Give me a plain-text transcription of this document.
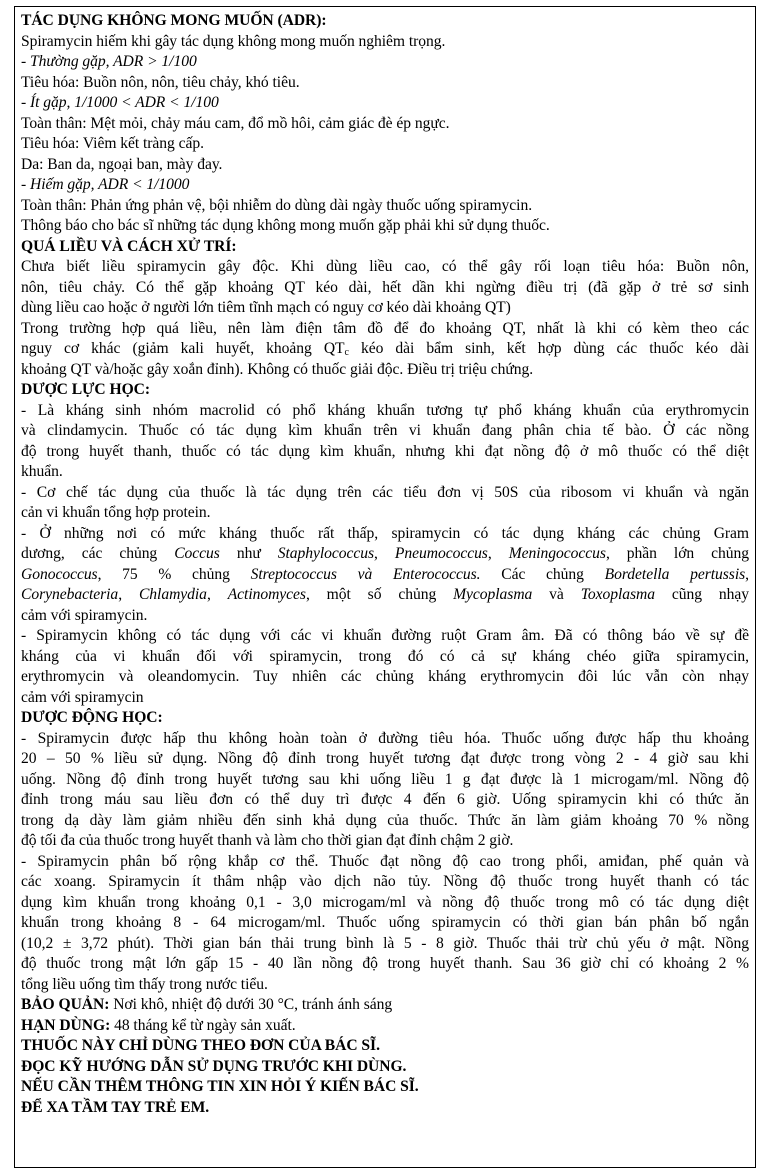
TÁC DỤNG KHÔNG MONG MUỐN (ADR):
Spiramycin hiếm khi gây tác dụng không mong muốn nghiêm trọng.
- Thường gặp, ADR > 1/100
Tiêu hóa: Buồn nôn, nôn, tiêu chảy, khó tiêu.
- Ít gặp, 1/1000 < ADR < 1/100
Toàn thân: Mệt mỏi, chảy máu cam, đổ mồ hôi, cảm giác đè ép ngực.
Tiêu hóa: Viêm kết tràng cấp.
Da: Ban da, ngoại ban, mày đay.
- Hiếm gặp, ADR < 1/1000
Toàn thân: Phản ứng phản vệ, bội nhiễm do dùng dài ngày thuốc uống spiramycin.
Thông báo cho bác sĩ những tác dụng không mong muốn gặp phải khi sử dụng thuốc.
QUÁ LIỀU VÀ CÁCH XỬ TRÍ:
Chưa biết liều spiramycin gây độc. Khi dùng liều cao, có thể gây rối loạn tiêu hóa: Buồn nôn,
nôn, tiêu chảy. Có thể gặp khoảng QT kéo dài, hết dần khi ngừng điều trị (đã gặp ở trẻ sơ sinh
dùng liều cao hoặc ở người lớn tiêm tĩnh mạch có nguy cơ kéo dài khoảng QT)
Trong trường hợp quá liều, nên làm điện tâm đồ để đo khoảng QT, nhất là khi có kèm theo các
nguy cơ khác (giảm kali huyết, khoảng $QT_c$ kéo dài bẩm sinh, kết hợp dùng các thuốc kéo dài
khoảng QT và/hoặc gây xoắn đỉnh). Không có thuốc giải độc. Điều trị triệu chứng.
DƯỢC LỰC HỌC:
- Là kháng sinh nhóm macrolid có phổ kháng khuẩn tương tự phổ kháng khuẩn của erythromycin
và clindamycin. Thuốc có tác dụng kìm khuẩn trên vi khuẩn đang phân chia tế bào. Ở các nồng
độ trong huyết thanh, thuốc có tác dụng kìm khuẩn, nhưng khi đạt nồng độ ở mô thuốc có thể diệt
khuẩn.
- Cơ chế tác dụng của thuốc là tác dụng trên các tiểu đơn vị 50S của ribosom vi khuẩn và ngăn
cản vi khuẩn tổng hợp protein.
- Ở những nơi có mức kháng thuốc rất thấp, spiramycin có tác dụng kháng các chủng Gram
dương, các chủng Coccus như Staphylococcus, Pneumococcus, Meningococcus, phần lớn chủng
Gonococcus, 75 % chủng Streptococcus và Enterococcus. Các chủng Bordetella pertussis,
Corynebacteria, Chlamydia, Actinomyces, một số chủng Mycoplasma và Toxoplasma cũng nhạy
cảm với spiramycin.
- Spiramycin không có tác dụng với các vi khuẩn đường ruột Gram âm. Đã có thông báo về sự đề
kháng của vi khuẩn đối với spiramycin, trong đó có cả sự kháng chéo giữa spiramycin,
erythromycin và oleandomycin. Tuy nhiên các chủng kháng erythromycin đôi lúc vẫn còn nhạy
cảm với spiramycin
DƯỢC ĐỘNG HỌC:
- Spiramycin được hấp thu không hoàn toàn ở đường tiêu hóa. Thuốc uống được hấp thu khoảng
20 – 50 % liều sử dụng. Nồng độ đỉnh trong huyết tương đạt được trong vòng 2 - 4 giờ sau khi
uống. Nồng độ đỉnh trong huyết tương sau khi uống liều 1 g đạt được là 1 microgam/ml. Nồng độ
đỉnh trong máu sau liều đơn có thể duy trì được 4 đến 6 giờ. Uống spiramycin khi có thức ăn
trong dạ dày làm giảm nhiều đến sinh khả dụng của thuốc. Thức ăn làm giảm khoảng 70 % nồng
độ tối đa của thuốc trong huyết thanh và làm cho thời gian đạt đỉnh chậm 2 giờ.
- Spiramycin phân bố rộng khắp cơ thể. Thuốc đạt nồng độ cao trong phổi, amiđan, phế quản và
các xoang. Spiramycin ít thâm nhập vào dịch não tủy. Nồng độ thuốc trong huyết thanh có tác
dụng kìm khuẩn trong khoảng 0,1 - 3,0 microgam/ml và nồng độ thuốc trong mô có tác dụng diệt
khuẩn trong khoảng 8 - 64 microgam/ml. Thuốc uống spiramycin có thời gian bán phân bố ngắn
(10,2 ± 3,72 phút). Thời gian bán thải trung bình là 5 - 8 giờ. Thuốc thải trừ chủ yếu ở mật. Nồng
độ thuốc trong mật lớn gấp 15 - 40 lần nồng độ trong huyết thanh. Sau 36 giờ chỉ có khoảng 2 %
tổng liều uống tìm thấy trong nước tiểu.
BẢO QUẢN: Nơi khô, nhiệt độ dưới 30 °C, tránh ánh sáng
HẠN DÙNG: 48 tháng kể từ ngày sản xuất.
THUỐC NÀY CHỈ DÙNG THEO ĐƠN CỦA BÁC SĨ.
ĐỌC KỸ HƯỚNG DẪN SỬ DỤNG TRƯỚC KHI DÙNG.
NẾU CẦN THÊM THÔNG TIN XIN HỎI Ý KIẾN BÁC SĨ.
ĐỂ XA TẦM TAY TRẺ EM.
